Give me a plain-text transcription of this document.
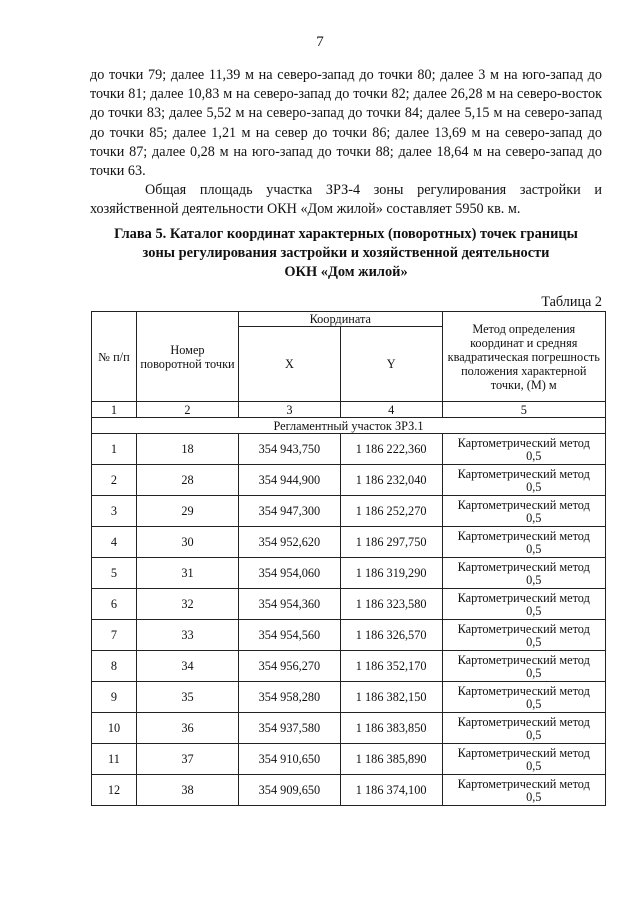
7

до точки 79; далее 11,39 м на северо-запад до точки 80; далее 3 м на юго-запад до точки 81; далее 10,83 м на северо-запад до точки 82; далее 26,28 м на северо-восток до точки 83; далее 5,52 м на северо-запад до точки 84; далее 5,15 м на северо-запад до точки 85; далее 1,21 м на север до точки 86; далее 13,69 м на северо-запад до точки 87; далее 0,28 м на юго-запад до точки 88; далее 18,64 м на северо-запад до точки 63.

Общая площадь участка ЗРЗ-4 зоны регулирования застройки и хозяйственной деятельности ОКН «Дом жилой» составляет 5950 кв. м.

Глава 5. Каталог координат характерных (поворотных) точек границы
зоны регулирования застройки и хозяйственной деятельности
ОКН «Дом жилой»
Таблица 2
№ п/п	Номер поворотной точки	Координата		Метод определения координат и средняя квадратическая погрешность положения характерной точки, (М) м
		X	Y	
1	2	3	4	5
Регламентный участок ЗРЗ.1				
1	18	354 943,750	1 186 222,360	Картометрический метод
0,5

2	28	354 944,900	1 186 232,040	Картометрический метод
0,5

3	29	354 947,300	1 186 252,270	Картометрический метод
0,5

4	30	354 952,620	1 186 297,750	Картометрический метод
0,5

5	31	354 954,060	1 186 319,290	Картометрический метод
0,5

6	32	354 954,360	1 186 323,580	Картометрический метод
0,5

7	33	354 954,560	1 186 326,570	Картометрический метод
0,5

8	34	354 956,270	1 186 352,170	Картометрический метод
0,5

9	35	354 958,280	1 186 382,150	Картометрический метод
0,5

10	36	354 937,580	1 186 383,850	Картометрический метод
0,5

11	37	354 910,650	1 186 385,890	Картометрический метод
0,5

12	38	354 909,650	1 186 374,100	Картометрический метод
0,5
